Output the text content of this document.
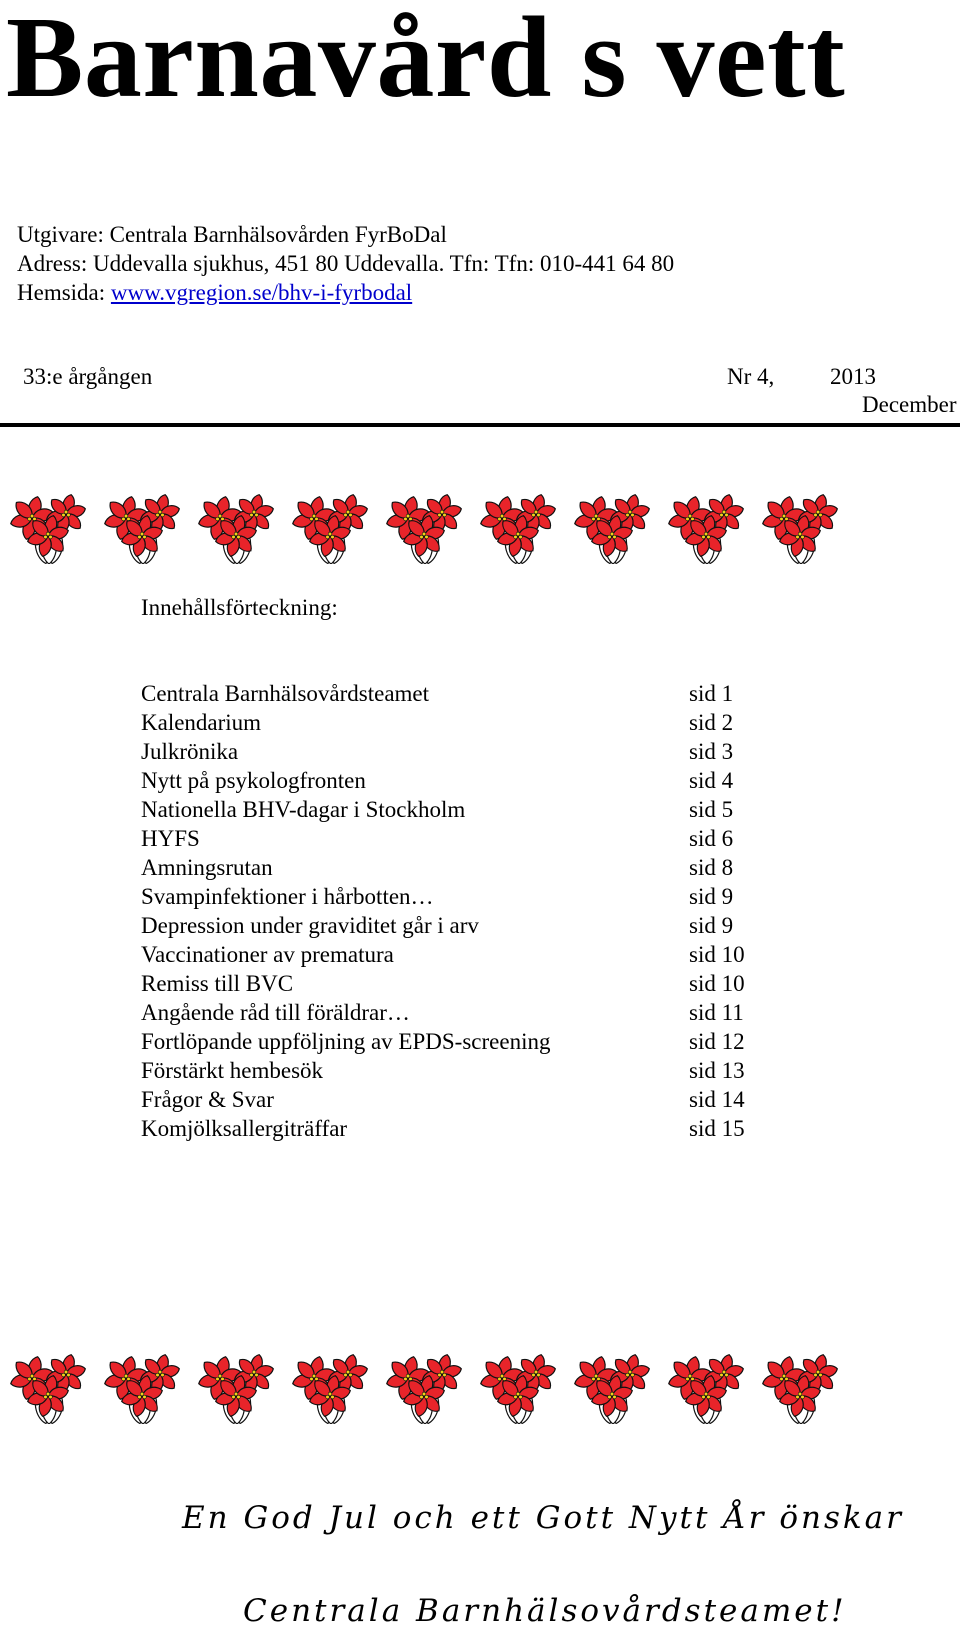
Barnavård s vett
Utgivare: Centrala Barnhälsovården FyrBoDal
Adress: Uddevalla sjukhus, 451 80 Uddevalla. Tfn: Tfn: 010-441 64 80
Hemsida: www.vgregion.se/bhv-i-fyrbodal
33:e årgången	Nr 4, 2013
December
Innehållsförteckning:
Centrala Barnhälsovårdsteamet	sid 1
Kalendarium	sid 2
Julkrönika	sid 3
Nytt på psykologfronten	sid 4
Nationella BHV-dagar i Stockholm	sid 5
HYFS	sid 6
Amningsrutan	sid 8
Svampinfektioner i hårbotten…	sid 9
Depression under graviditet går i arv	sid 9
Vaccinationer av prematura	sid 10
Remiss till BVC	sid 10
Angående råd till föräldrar…	sid 11
Fortlöpande uppföljning av EPDS-screening	sid 12
Förstärkt hembesök	sid 13
Frågor & Svar	sid 14
Komjölksallergiträffar	sid 15
En God Jul och ett Gott Nytt År önskar
Centrala Barnhälsovårdsteamet!
